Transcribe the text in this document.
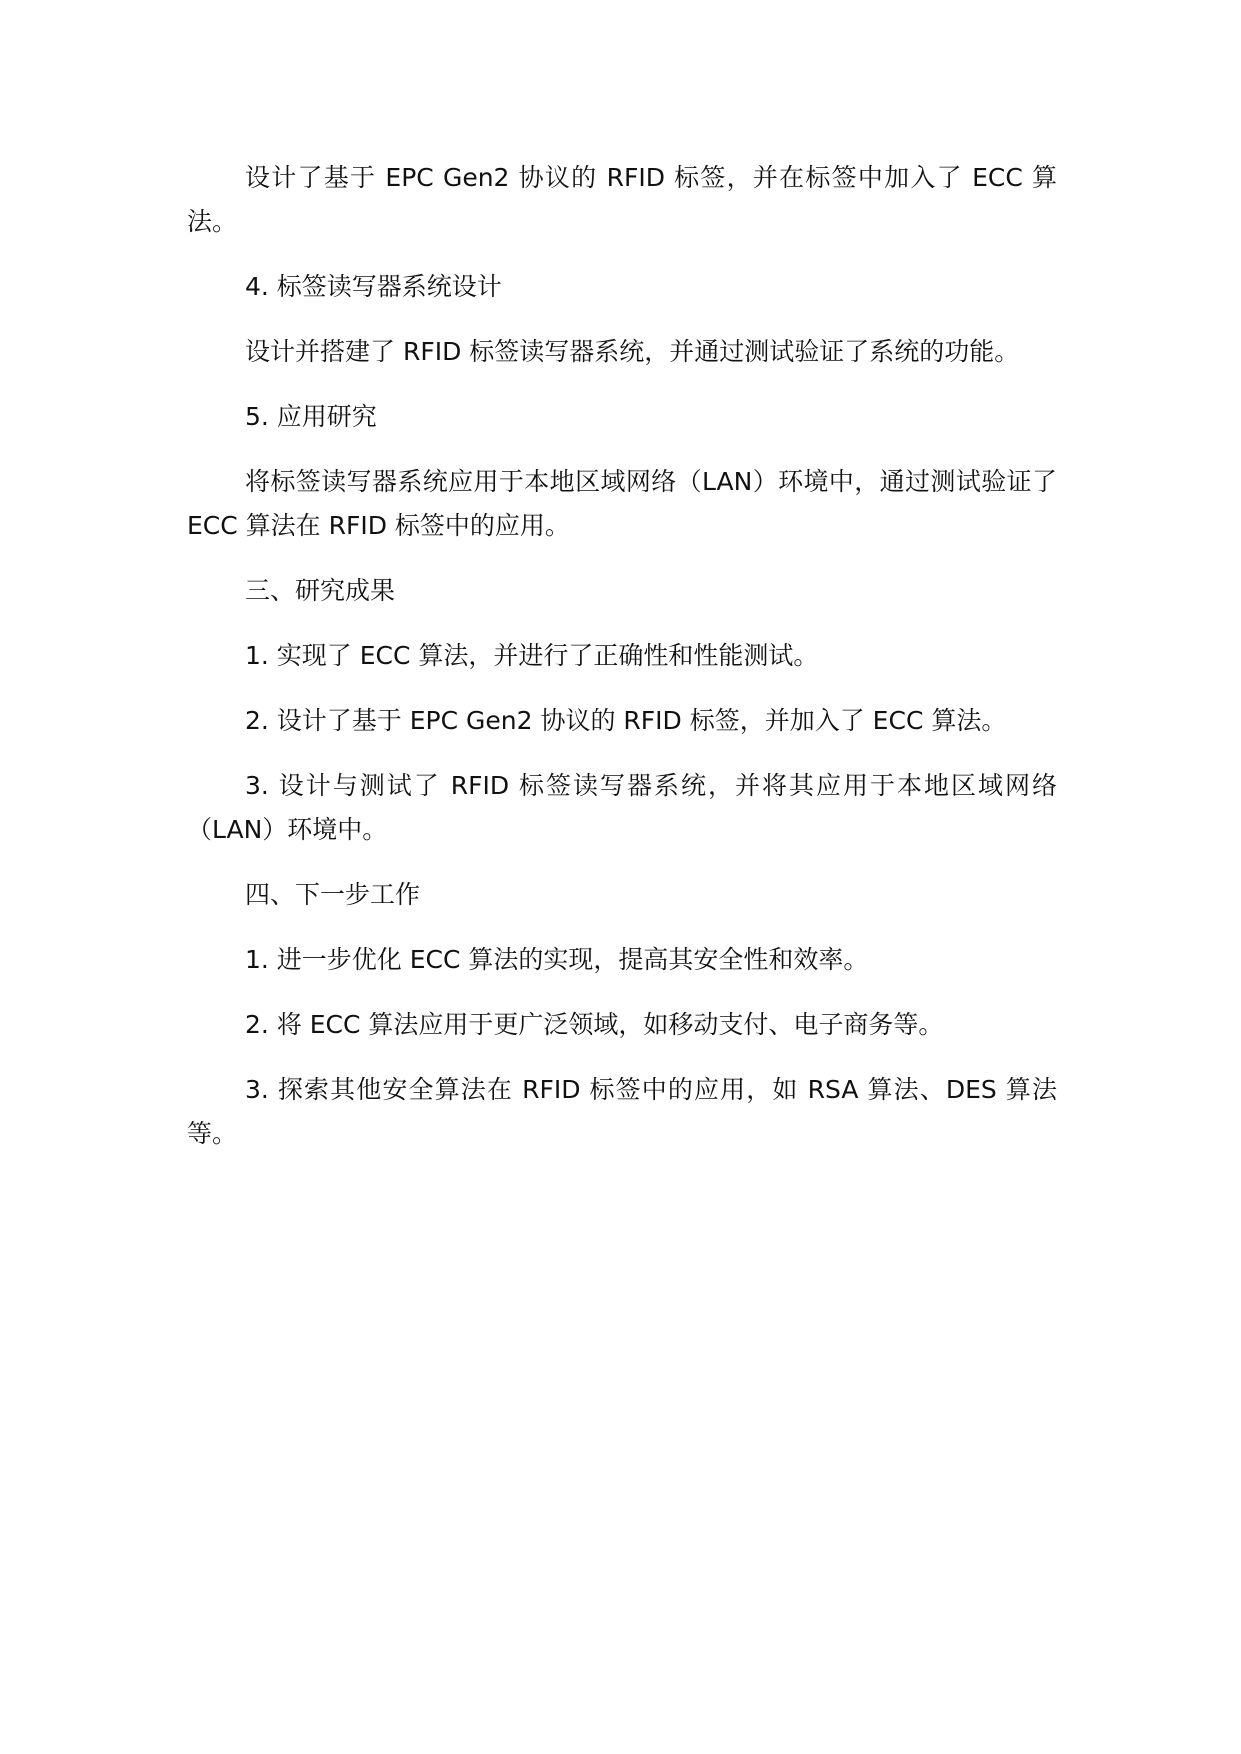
设计了基于 EPC Gen2 协议的 RFID 标签，并在标签中加入了 ECC 算法。

4. 标签读写器系统设计

设计并搭建了 RFID 标签读写器系统，并通过测试验证了系统的功能。

5. 应用研究

将标签读写器系统应用于本地区域网络（LAN）环境中，通过测试验证了 ECC 算法在 RFID 标签中的应用。

三、研究成果

1. 实现了 ECC 算法，并进行了正确性和性能测试。

2. 设计了基于 EPC Gen2 协议的 RFID 标签，并加入了 ECC 算法。

3. 设计与测试了 RFID 标签读写器系统，并将其应用于本地区域网络（LAN）环境中。

四、下一步工作

1. 进一步优化 ECC 算法的实现，提高其安全性和效率。

2. 将 ECC 算法应用于更广泛领域，如移动支付、电子商务等。

3. 探索其他安全算法在 RFID 标签中的应用，如 RSA 算法、DES 算法等。
